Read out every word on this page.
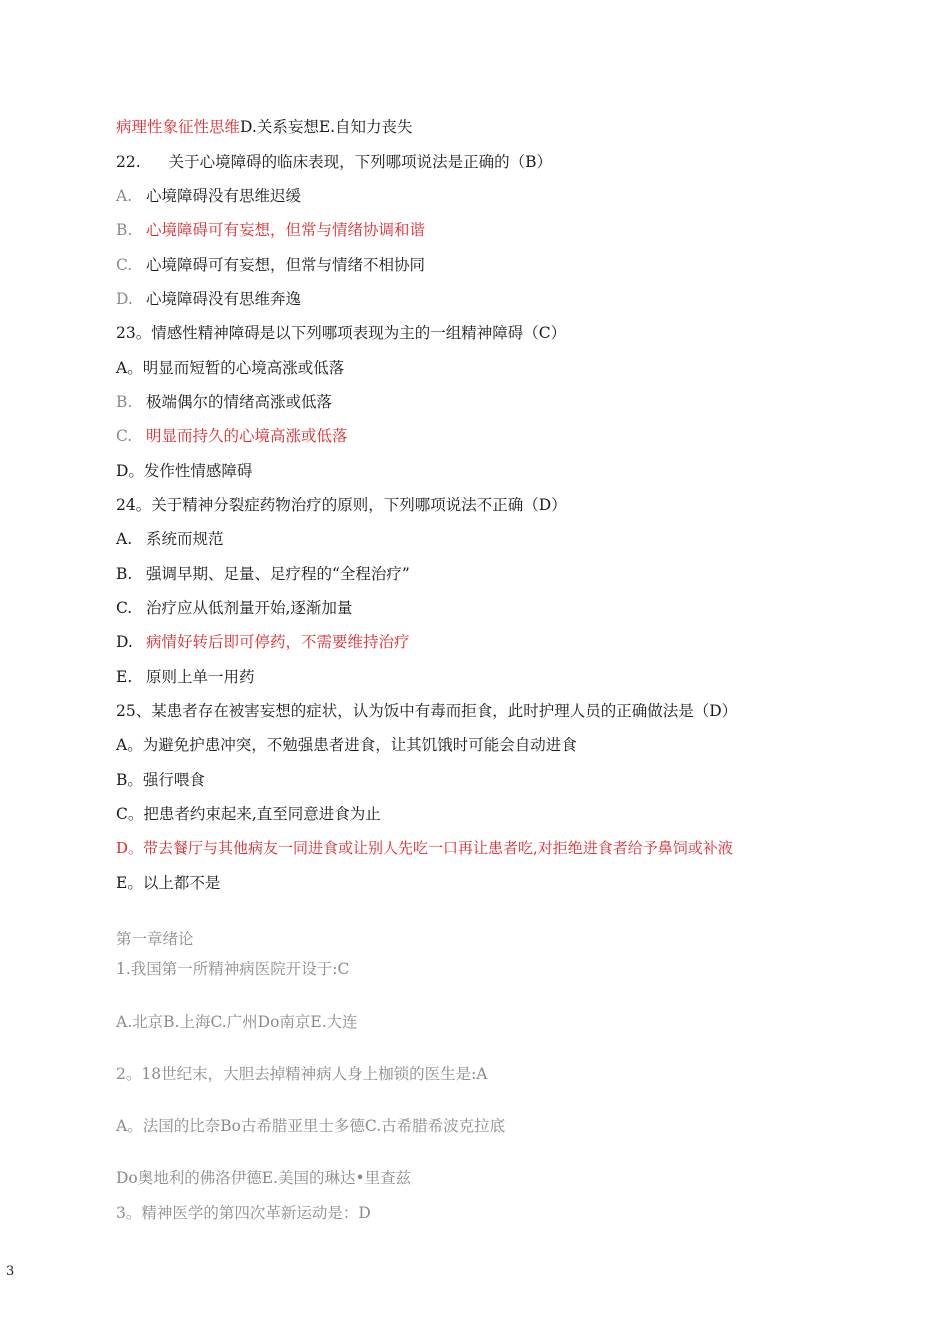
病理性象征性思维D.关系妄想E.自知力丧失
22. 关于心境障碍的临床表现，下列哪项说法是正确的（B）
A. 心境障碍没有思维迟缓
B. 心境障碍可有妄想，但常与情绪协调和谐
C. 心境障碍可有妄想，但常与情绪不相协同
D. 心境障碍没有思维奔逸
23。情感性精神障碍是以下列哪项表现为主的一组精神障碍（C）
A。明显而短暂的心境高涨或低落
B. 极端偶尔的情绪高涨或低落
C. 明显而持久的心境高涨或低落
D。发作性情感障碍
24。关于精神分裂症药物治疗的原则，下列哪项说法不正确（D）
A. 系统而规范
B. 强调早期、足量、足疗程的“全程治疗”
C. 治疗应从低剂量开始,逐渐加量
D. 病情好转后即可停药，不需要维持治疗
E. 原则上单一用药
25、某患者存在被害妄想的症状，认为饭中有毒而拒食，此时护理人员的正确做法是（D）
A。为避免护患冲突，不勉强患者进食，让其饥饿时可能会自动进食
B。强行喂食
C。把患者约束起来,直至同意进食为止
D。带去餐厅与其他病友一同进食或让别人先吃一口再让患者吃,对拒绝进食者给予鼻饲或补液
E。以上都不是
第一章绪论
1.我国第一所精神病医院开设于:C
A.北京B.上海C.广州Do南京E.大连
2。18世纪末，大胆去掉精神病人身上枷锁的医生是:A
A。法国的比奈Bo古希腊亚里士多德C.古希腊希波克拉底
Do奥地利的佛洛伊德E.美国的琳达•里查兹
3。精神医学的第四次革新运动是：D
3
